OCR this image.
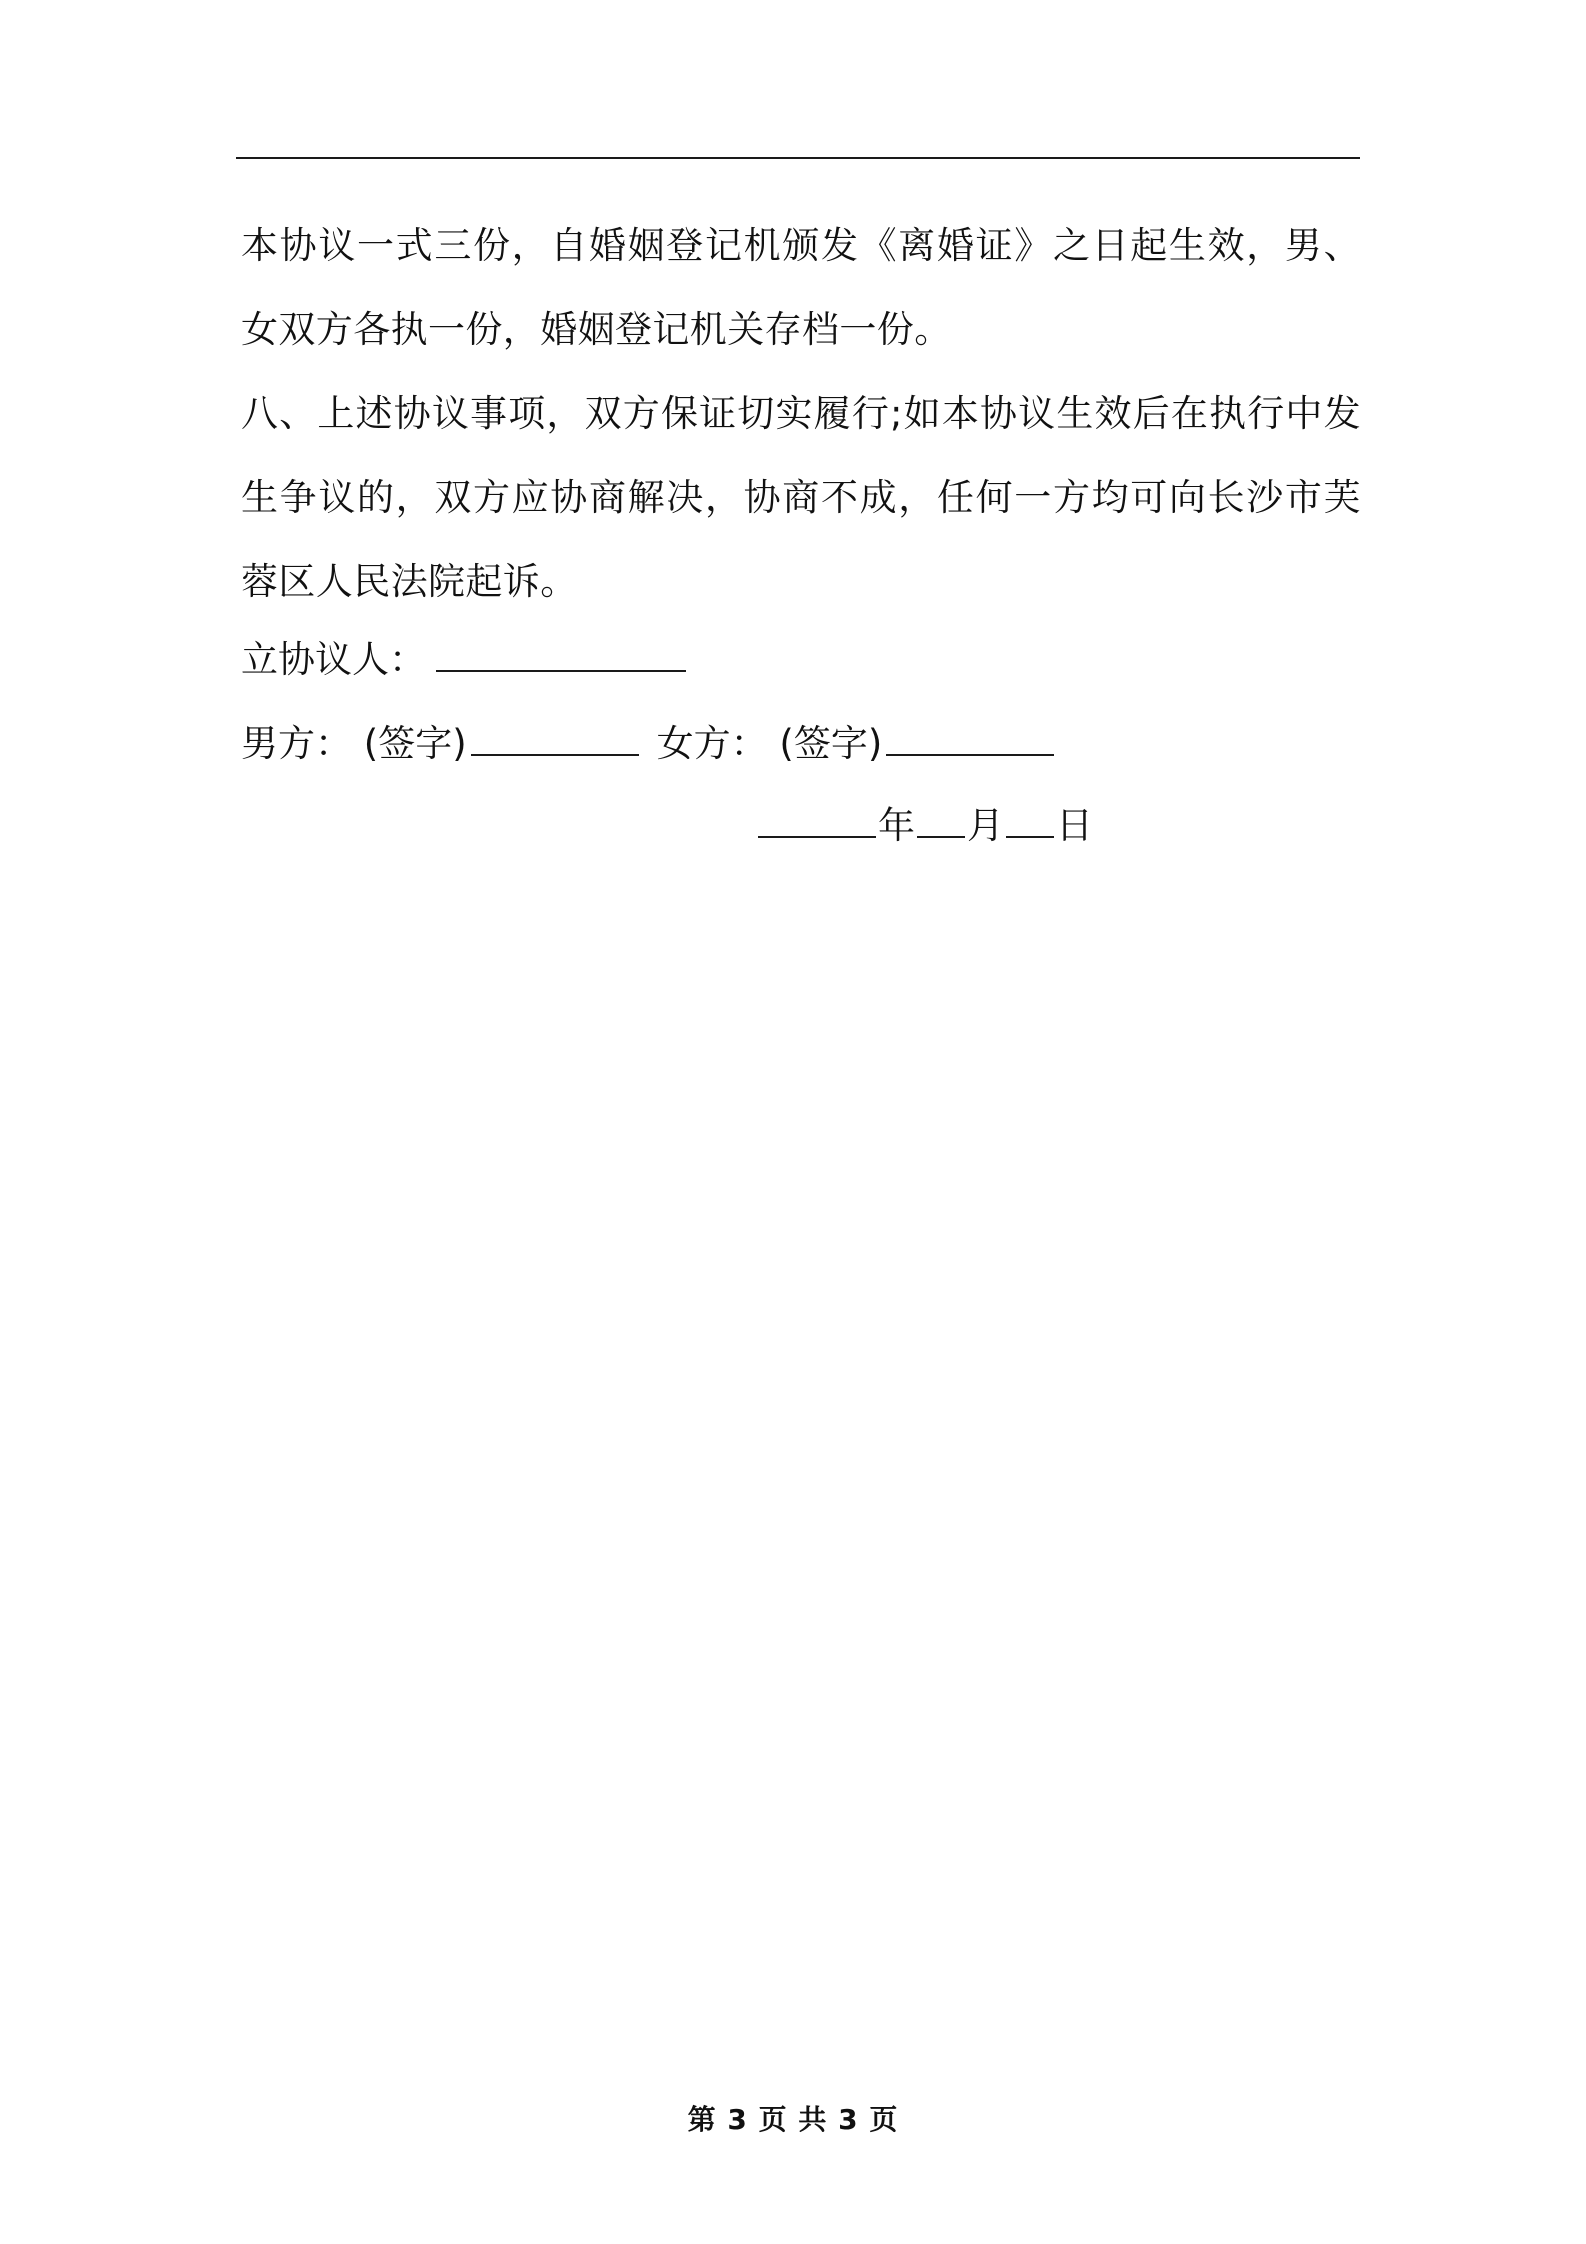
本协议一式三份，自婚姻登记机颁发《离婚证》之日起生效，男、女双方各执一份，婚姻登记机关存档一份。

八、上述协议事项，双方保证切实履行;如本协议生效后在执行中发生争议的，双方应协商解决，协商不成，任何一方均可向长沙市芙蓉区人民法院起诉。

立协议人：
男方： (签字)	女方： (签字)
年 月 日
第 3 页 共 3 页
